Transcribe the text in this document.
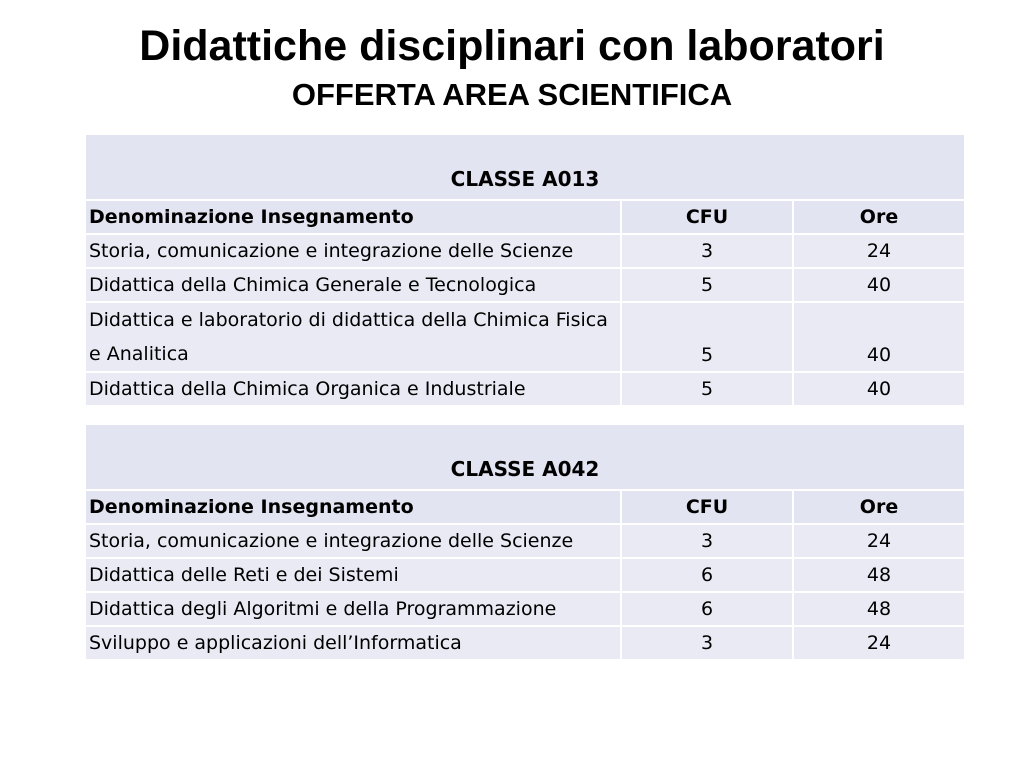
Didattiche disciplinari con laboratori
OFFERTA AREA SCIENTIFICA
CLASSE A013		
Denominazione Insegnamento	CFU	Ore
Storia, comunicazione e integrazione delle Scienze	3	24
Didattica della Chimica Generale e Tecnologica	5	40
Didattica e laboratorio di didattica della Chimica Fisica e Analitica	5	40
Didattica della Chimica Organica e Industriale	5	40
CLASSE A042		
Denominazione Insegnamento	CFU	Ore
Storia, comunicazione e integrazione delle Scienze	3	24
Didattica delle Reti e dei Sistemi	6	48
Didattica degli Algoritmi e della Programmazione	6	48
Sviluppo e applicazioni dell’Informatica	3	24
